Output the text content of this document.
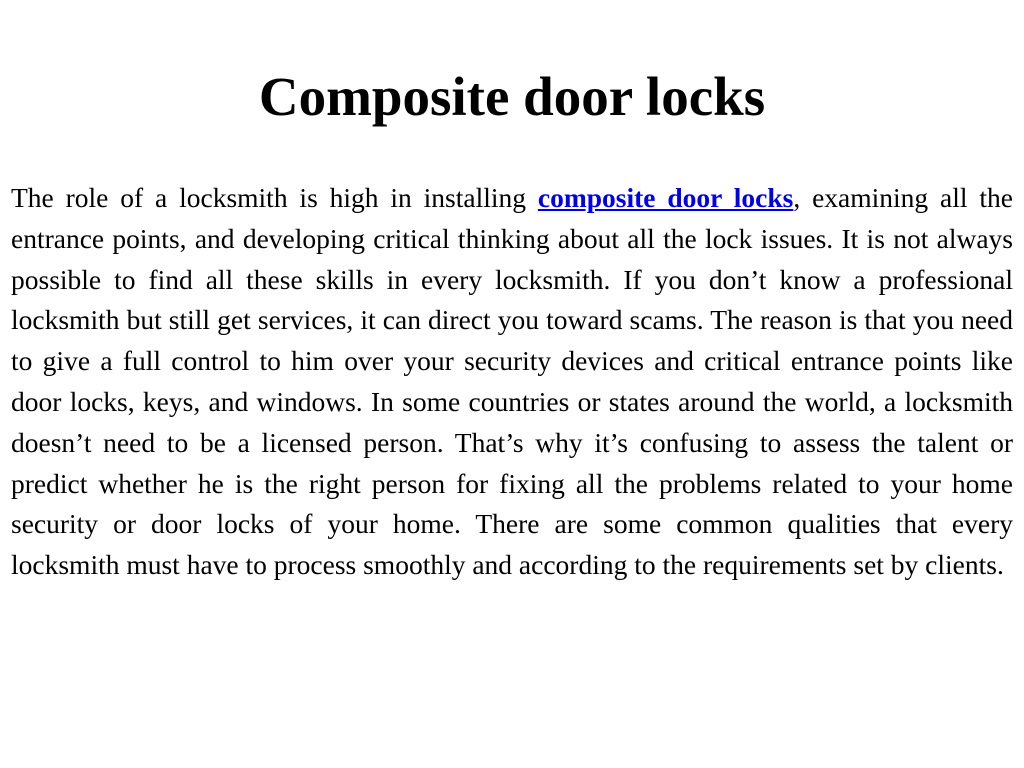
Composite door locks

The role of a locksmith is high in installing composite door locks, examining all the entrance points, and developing critical thinking about all the lock issues. It is not always possible to find all these skills in every locksmith. If you don’t know a professional locksmith but still get services, it can direct you toward scams. The reason is that you need to give a full control to him over your security devices and critical entrance points like door locks, keys, and windows. In some countries or states around the world, a locksmith doesn’t need to be a licensed person. That’s why it’s confusing to assess the talent or predict whether he is the right person for fixing all the problems related to your home security or door locks of your home. There are some common qualities that every locksmith must have to process smoothly and according to the requirements set by clients.
